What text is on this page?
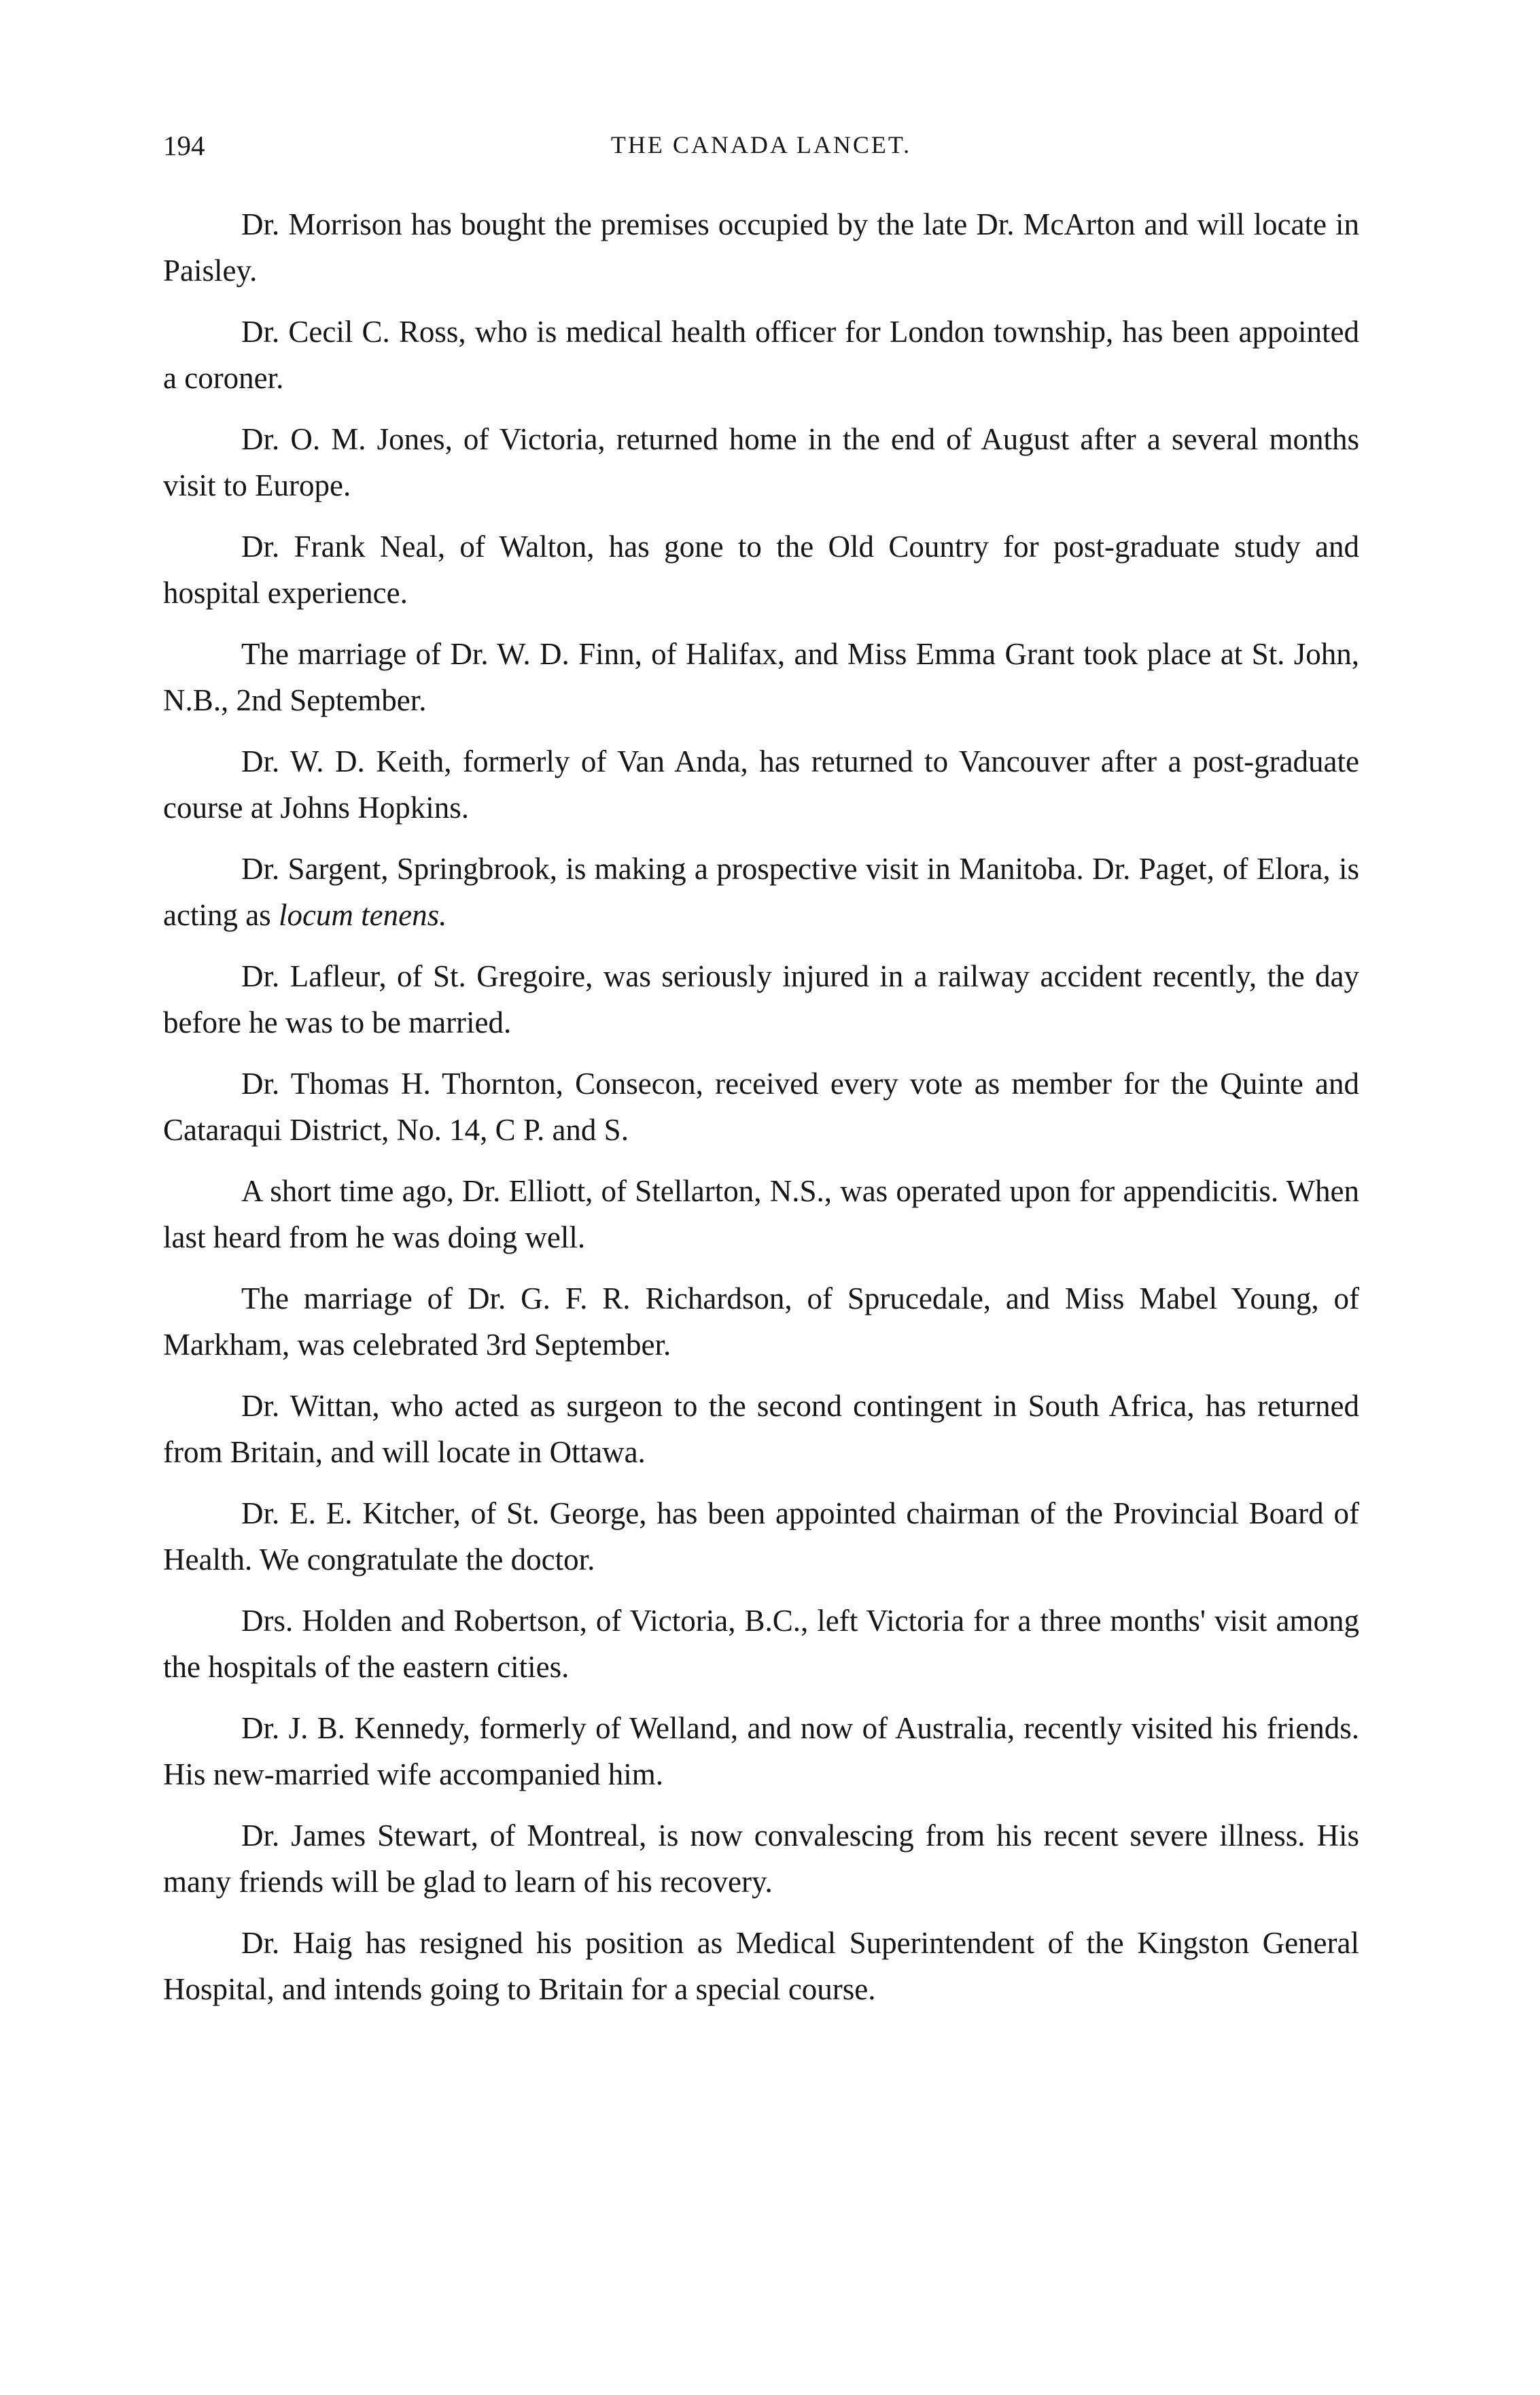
194	THE CANADA LANCET.

Dr. Morrison has bought the premises occupied by the late Dr. McArton and will locate in Paisley.

Dr. Cecil C. Ross, who is medical health officer for London township, has been appointed a coroner.

Dr. O. M. Jones, of Victoria, returned home in the end of August after a several months visit to Europe.

Dr. Frank Neal, of Walton, has gone to the Old Country for post-graduate study and hospital experience.

The marriage of Dr. W. D. Finn, of Halifax, and Miss Emma Grant took place at St. John, N.B., 2nd September.

Dr. W. D. Keith, formerly of Van Anda, has returned to Vancouver after a post-graduate course at Johns Hopkins.

Dr. Sargent, Springbrook, is making a prospective visit in Manitoba. Dr. Paget, of Elora, is acting as locum tenens.

Dr. Lafleur, of St. Gregoire, was seriously injured in a railway accident recently, the day before he was to be married.

Dr. Thomas H. Thornton, Consecon, received every vote as member for the Quinte and Cataraqui District, No. 14, C P. and S.

A short time ago, Dr. Elliott, of Stellarton, N.S., was operated upon for appendicitis. When last heard from he was doing well.

The marriage of Dr. G. F. R. Richardson, of Sprucedale, and Miss Mabel Young, of Markham, was celebrated 3rd September.

Dr. Wittan, who acted as surgeon to the second contingent in South Africa, has returned from Britain, and will locate in Ottawa.

Dr. E. E. Kitcher, of St. George, has been appointed chairman of the Provincial Board of Health. We congratulate the doctor.

Drs. Holden and Robertson, of Victoria, B.C., left Victoria for a three months' visit among the hospitals of the eastern cities.

Dr. J. B. Kennedy, formerly of Welland, and now of Australia, recently visited his friends. His new-married wife accompanied him.

Dr. James Stewart, of Montreal, is now convalescing from his recent severe illness. His many friends will be glad to learn of his recovery.

Dr. Haig has resigned his position as Medical Superintendent of the Kingston General Hospital, and intends going to Britain for a special course.
